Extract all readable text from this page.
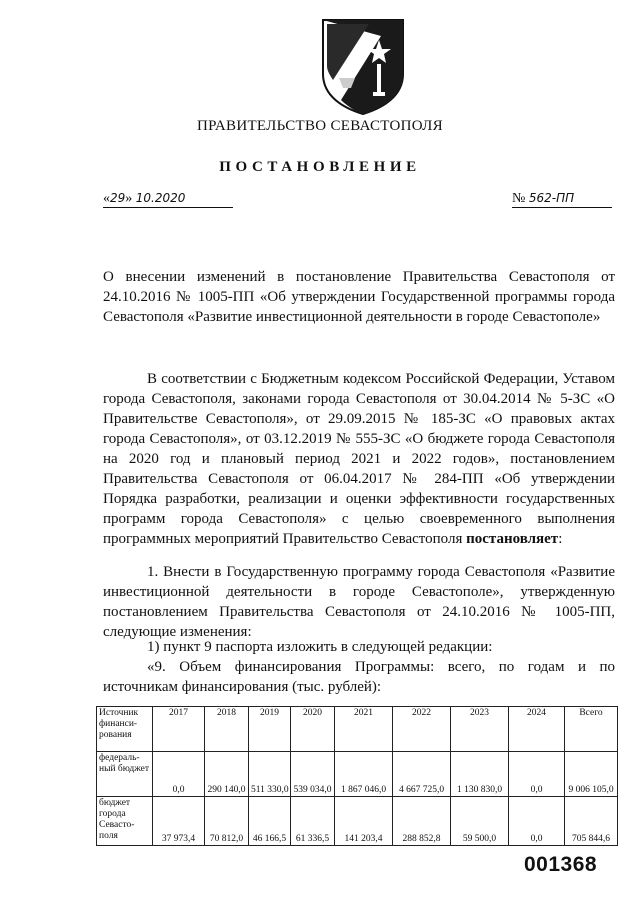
ПРАВИТЕЛЬСТВО СЕВАСТОПОЛЯ
ПОСТАНОВЛЕНИЕ
«29» 10.2020	№ 562-ПП
О внесении изменений в постановление Правительства Севастополя от 24.10.2016 № 1005-ПП «Об утверждении Государственной программы города Севастополя «Развитие инвестиционной деятельности в городе Севастополе»
В соответствии с Бюджетным кодексом Российской Федерации, Уставом города Севастополя, законами города Севастополя от 30.04.2014 № 5-ЗС «О Правительстве Севастополя», от 29.09.2015 № 185-ЗС «О правовых актах города Севастополя», от 03.12.2019 № 555-ЗС «О бюджете города Севастополя на 2020 год и плановый период 2021 и 2022 годов», постановлением Правительства Севастополя от 06.04.2017 № 284-ПП «Об утверждении Порядка разработки, реализации и оценки эффективности государственных программ города Севастополя» с целью своевременного выполнения программных мероприятий Правительство Севастополя постановляет:
1. Внести в Государственную программу города Севастополя «Развитие инвестиционной деятельности в городе Севастополе», утвержденную постановлением Правительства Севастополя от 24.10.2016 № 1005-ПП, следующие изменения:
1) пункт 9 паспорта изложить в следующей редакции:
«9. Объем финансирования Программы: всего, по годам и по источникам финансирования (тыс. рублей):
Источник финанси-рования	2017	2018	2019	2020	2021	2022	2023	2024	Всего
федераль-ный бюджет	0,0	290 140,0	511 330,0	539 034,0	1 867 046,0	4 667 725,0	1 130 830,0	0,0	9 006 105,0
бюджет города Севасто-поля	37 973,4	70 812,0	46 166,5	61 336,5	141 203,4	288 852,8	59 500,0	0,0	705 844,6
001368
